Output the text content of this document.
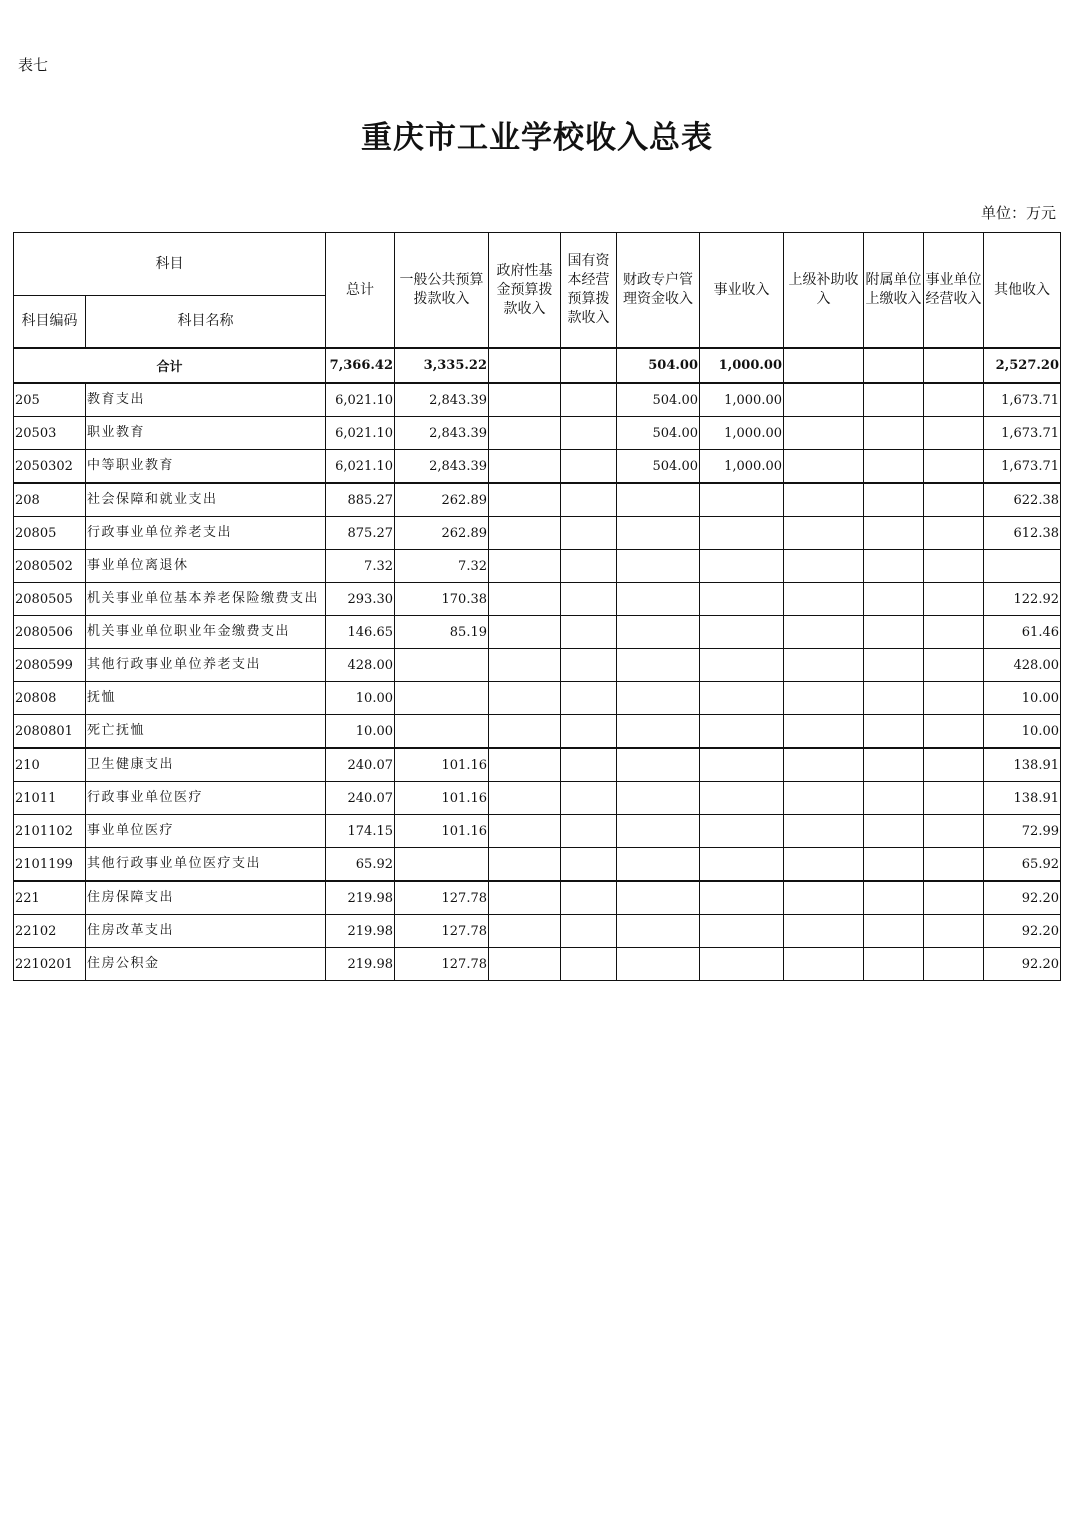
表七
重庆市工业学校收入总表
单位：万元
科目		总计	一般公共预算拨款收入	政府性基金预算拨款收入	国有资本经营预算拨款收入	财政专户管理资金收入	事业收入	上级补助收入	附属单位上缴收入	事业单位经营收入	其他收入
科目编码	科目名称										
合计		7,366.42	3,335.22			504.00	1,000.00				2,527.20
205	教育支出	6,021.10	2,843.39			504.00	1,000.00				1,673.71
20503	职业教育	6,021.10	2,843.39			504.00	1,000.00				1,673.71
2050302	中等职业教育	6,021.10	2,843.39			504.00	1,000.00				1,673.71
208	社会保障和就业支出	885.27	262.89								622.38
20805	行政事业单位养老支出	875.27	262.89								612.38
2080502	事业单位离退休	7.32	7.32								
2080505	机关事业单位基本养老保险缴费支出	293.30	170.38								122.92
2080506	机关事业单位职业年金缴费支出	146.65	85.19								61.46
2080599	其他行政事业单位养老支出	428.00									428.00
20808	抚恤	10.00									10.00
2080801	死亡抚恤	10.00									10.00
210	卫生健康支出	240.07	101.16								138.91
21011	行政事业单位医疗	240.07	101.16								138.91
2101102	事业单位医疗	174.15	101.16								72.99
2101199	其他行政事业单位医疗支出	65.92									65.92
221	住房保障支出	219.98	127.78								92.20
22102	住房改革支出	219.98	127.78								92.20
2210201	住房公积金	219.98	127.78								92.20
